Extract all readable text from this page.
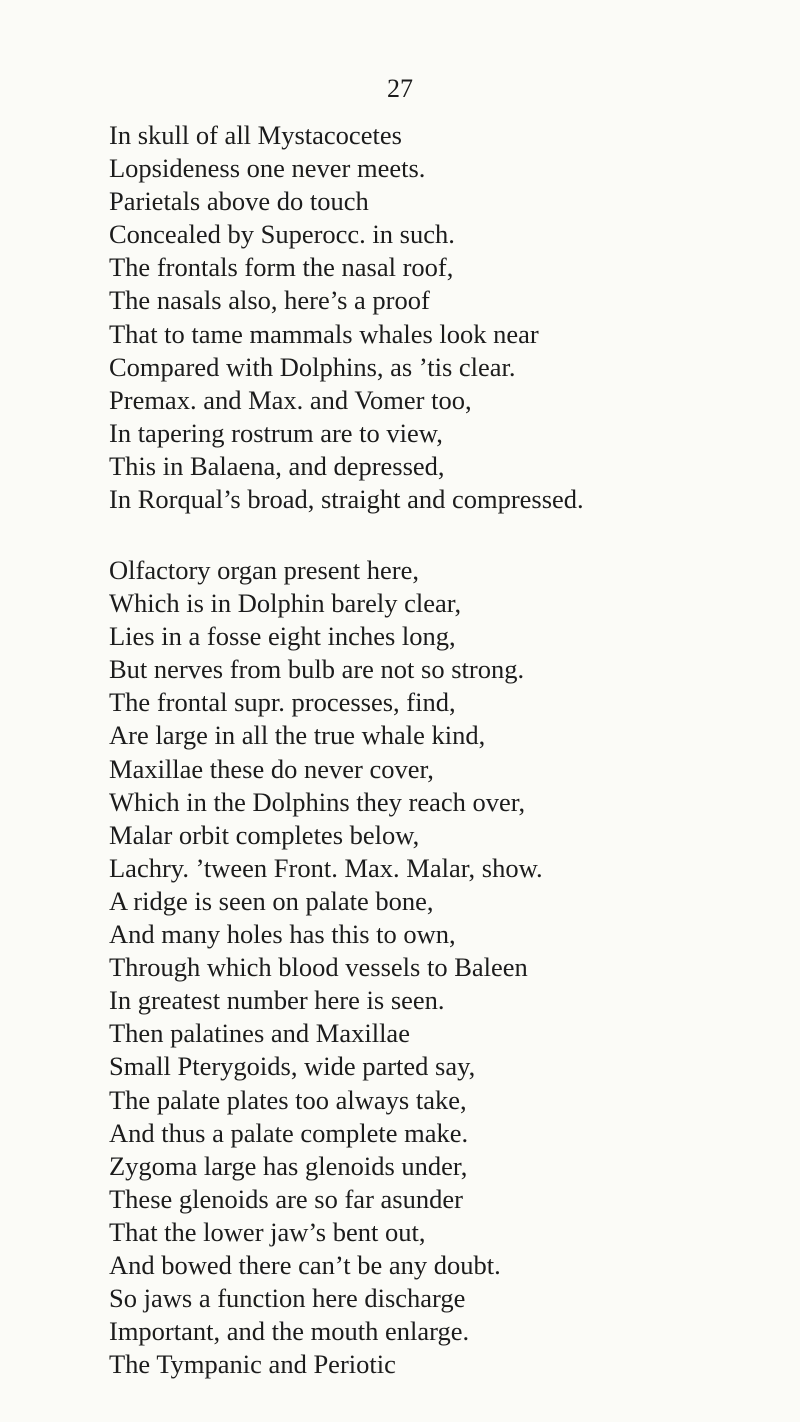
27
In skull of all Mystacocetes
Lopsideness one never meets.
Parietals above do touch
Concealed by Superocc. in such.
The frontals form the nasal roof,
The nasals also, here’s a proof
That to tame mammals whales look near
Compared with Dolphins, as ’tis clear.
Premax. and Max. and Vomer too,
In tapering rostrum are to view,
This in Balaena, and depressed,
In Rorqual’s broad, straight and compressed.
Olfactory organ present here,
Which is in Dolphin barely clear,
Lies in a fosse eight inches long,
But nerves from bulb are not so strong.
The frontal supr. processes, find,
Are large in all the true whale kind,
Maxillae these do never cover,
Which in the Dolphins they reach over,
Malar orbit completes below,
Lachry. ’tween Front. Max. Malar, show.
A ridge is seen on palate bone,
And many holes has this to own,
Through which blood vessels to Baleen
In greatest number here is seen.
Then palatines and Maxillae
Small Pterygoids, wide parted say,
The palate plates too always take,
And thus a palate complete make.
Zygoma large has glenoids under,
These glenoids are so far asunder
That the lower jaw’s bent out,
And bowed there can’t be any doubt.
So jaws a function here discharge
Important, and the mouth enlarge.
The Tympanic and Periotic
